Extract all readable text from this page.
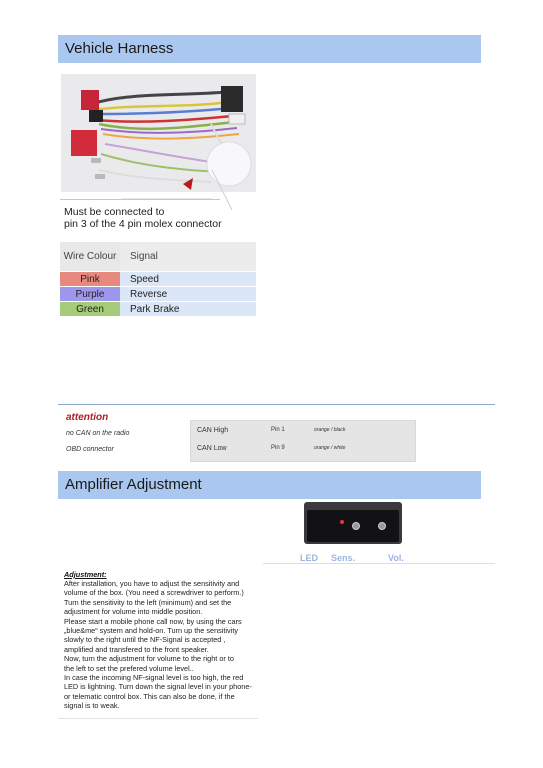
Vehicle Harness
Must be connected to
pin 3 of the 4 pin molex connector
Wire Colour	Signal
Pink	Speed
Purple	Reverse
Green	Park Brake
attention
no CAN on the radio
OBD connector
CAN High	Pin 1	orange / black
CAN Low	Pin 9	orange / white
Amplifier Adjustment
LED Sens.	Vol.
Adjustment:
After installation, you have to adjust the sensitivity and
volume of the box. (You need a screwdriver to perform.)
Turn the sensitivity to the left (minimum) and set the
adjustment for volume into middle position.
Please start a mobile phone call now, by using the cars
„blue&me“ system and hold-on. Turn up the sensitivity
slowly to the right until the NF-Signal is accepted ,
amplified and transfered to the front speaker.
Now, turn the adjustment for volume to the right or to
the left to set the prefered volume level..
In case the incoming NF-signal level is too high, the red
LED is lightning. Turn down the signal level in your phone-
or telematic control box. This can also be done, if the
signal is to weak.
